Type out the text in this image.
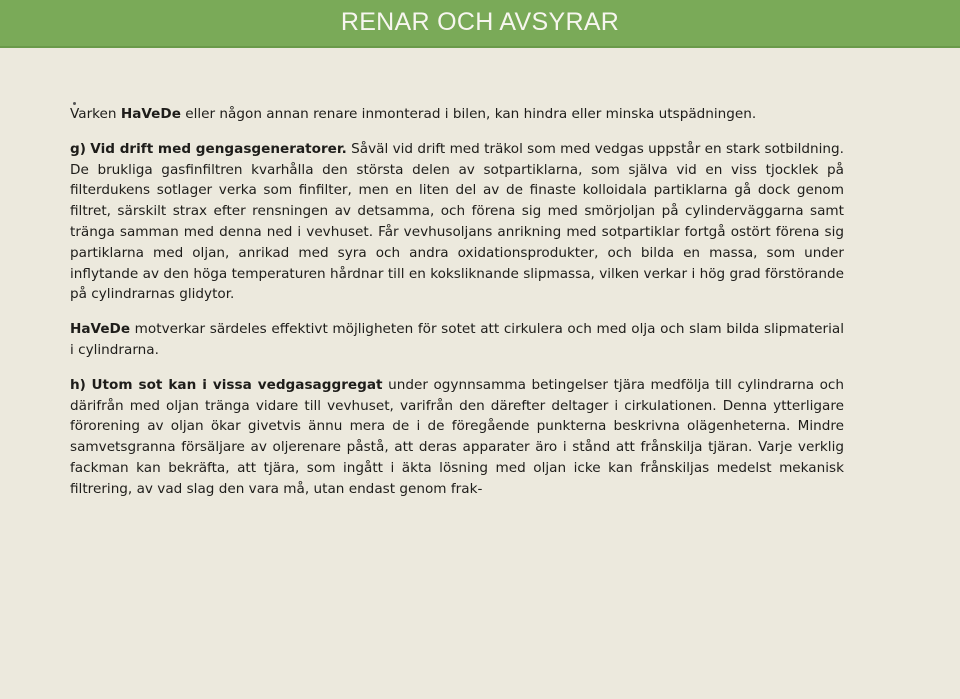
RENAR OCH AVSYRAR

Varken HaVeDe eller någon annan renare inmonterad i bilen, kan hindra eller minska utspädningen.

g) Vid drift med gengasgeneratorer. Såväl vid drift med träkol som med vedgas uppstår en stark sotbildning. De brukliga gasfinfiltren kvarhålla den största delen av sotpartiklarna, som själva vid en viss tjocklek på filterdukens sotlager verka som finfilter, men en liten del av de finaste kolloidala partiklarna gå dock genom filtret, särskilt strax efter rensningen av detsamma, och förena sig med smörjoljan på cylinderväggarna samt tränga samman med denna ned i vevhuset. Får vevhusoljans anrikning med sotpartiklar fortgå ostört förena sig partiklarna med oljan, anrikad med syra och andra oxidationsprodukter, och bilda en massa, som under inflytande av den höga temperaturen hårdnar till en koksliknande slipmassa, vilken verkar i hög grad förstörande på cylindrarnas glidytor.

HaVeDe motverkar särdeles effektivt möjligheten för sotet att cirkulera och med olja och slam bilda slipmaterial i cylindrarna.

h) Utom sot kan i vissa vedgasaggregat under ogynnsamma betingelser tjära medfölja till cylindrarna och därifrån med oljan tränga vidare till vevhuset, varifrån den därefter deltager i cirkulationen. Denna ytterligare förorening av oljan ökar givetvis ännu mera de i de föregående punkterna beskrivna olägenheterna. Mindre samvetsgranna försäljare av oljerenare påstå, att deras apparater äro i stånd att frånskilja tjäran. Varje verklig fackman kan bekräfta, att tjära, som ingått i äkta lösning med oljan icke kan frånskiljas medelst mekanisk filtrering, av vad slag den vara må, utan endast genom frak-
